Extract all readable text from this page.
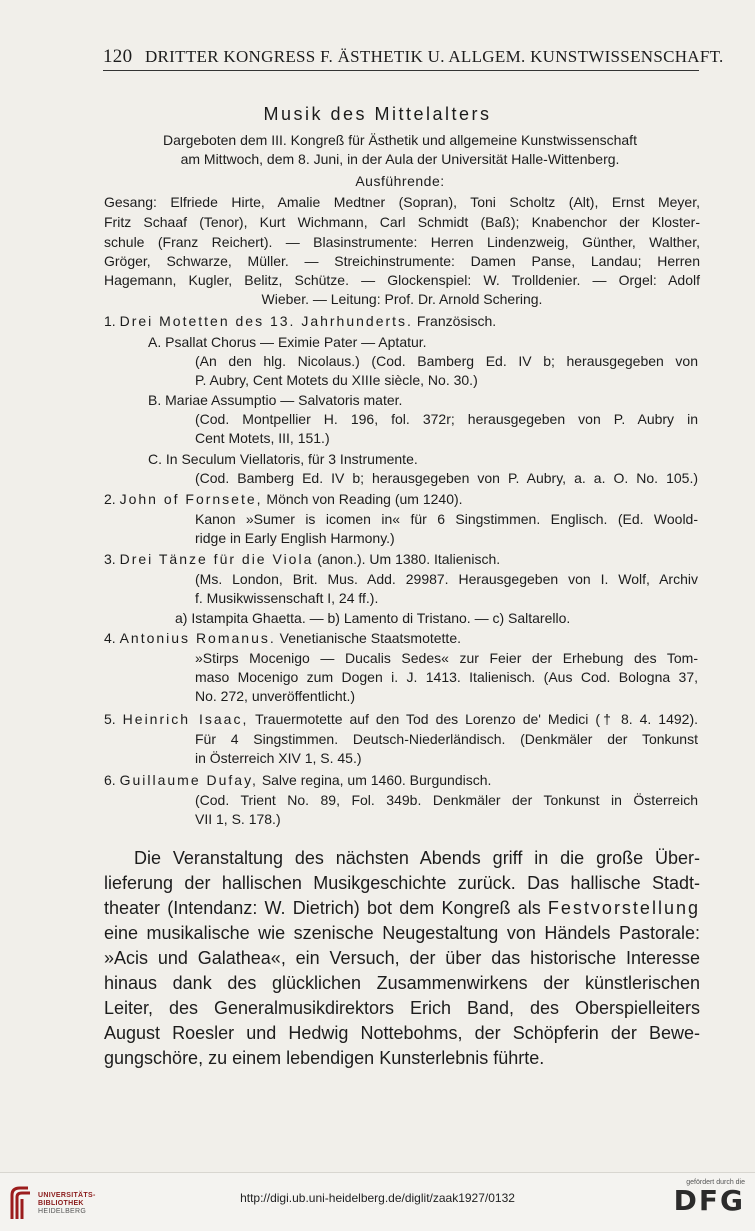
120 DRITTER KONGRESS F. ÄSTHETIK U. ALLGEM. KUNSTWISSENSCHAFT.
Musik des Mittelalters
Dargeboten dem III. Kongreß für Ästhetik und allgemeine Kunstwissenschaft
am Mittwoch, dem 8. Juni, in der Aula der Universität Halle-Wittenberg.
Ausführende:
Gesang: Elfriede Hirte, Amalie Medtner (Sopran), Toni Scholtz (Alt), Ernst Meyer,
Fritz Schaaf (Tenor), Kurt Wichmann, Carl Schmidt (Baß); Knabenchor der Kloster-
schule (Franz Reichert). — Blasinstrumente: Herren Lindenzweig, Günther, Walther,
Gröger, Schwarze, Müller. — Streichinstrumente: Damen Panse, Landau; Herren
Hagemann, Kugler, Belitz, Schütze. — Glockenspiel: W. Trolldenier. — Orgel: Adolf
Wieber. — Leitung: Prof. Dr. Arnold Schering.
1. Drei Motetten des 13. Jahrhunderts. Französisch.
A. Psallat Chorus — Eximie Pater — Aptatur.
(An den hlg. Nicolaus.) (Cod. Bamberg Ed. IV b; herausgegeben von
P. Aubry, Cent Motets du XIIIe siècle, No. 30.)
B. Mariae Assumptio — Salvatoris mater.
(Cod. Montpellier H. 196, fol. 372r; herausgegeben von P. Aubry in
Cent Motets, III, 151.)
C. In Seculum Viellatoris, für 3 Instrumente.
(Cod. Bamberg Ed. IV b; herausgegeben von P. Aubry, a. a. O. No. 105.)
2. John of Fornsete, Mönch von Reading (um 1240).
Kanon »Sumer is icomen in« für 6 Singstimmen. Englisch. (Ed. Woold-
ridge in Early English Harmony.)
3. Drei Tänze für die Viola (anon.). Um 1380. Italienisch.
(Ms. London, Brit. Mus. Add. 29987. Herausgegeben von I. Wolf, Archiv
f. Musikwissenschaft I, 24 ff.).
a) Istampita Ghaetta. — b) Lamento di Tristano. — c) Saltarello.
4. Antonius Romanus. Venetianische Staatsmotette.
»Stirps Mocenigo — Ducalis Sedes« zur Feier der Erhebung des Tom-
maso Mocenigo zum Dogen i. J. 1413. Italienisch. (Aus Cod. Bologna 37,
No. 272, unveröffentlicht.)
5. Heinrich Isaac, Trauermotette auf den Tod des Lorenzo de' Medici († 8. 4. 1492).
Für 4 Singstimmen. Deutsch-Niederländisch. (Denkmäler der Tonkunst
in Österreich XIV 1, S. 45.)
6. Guillaume Dufay, Salve regina, um 1460. Burgundisch.
(Cod. Trient No. 89, Fol. 349b. Denkmäler der Tonkunst in Österreich
VII 1, S. 178.)
Die Veranstaltung des nächsten Abends griff in die große Über-
lieferung der hallischen Musikgeschichte zurück. Das hallische Stadt-
theater (Intendanz: W. Dietrich) bot dem Kongreß als Festvorstellung
eine musikalische wie szenische Neugestaltung von Händels Pastorale:
»Acis und Galathea«, ein Versuch, der über das historische Interesse
hinaus dank des glücklichen Zusammenwirkens der künstlerischen
Leiter, des Generalmusikdirektors Erich Band, des Oberspielleiters
August Roesler und Hedwig Nottebohms, der Schöpferin der Bewe-
gungschöre, zu einem lebendigen Kunsterlebnis führte.
UNIVERSITÄTS-
BIBLIOTHEK
HEIDELBERG
http://digi.ub.uni-heidelberg.de/diglit/zaak1927/0132
gefördert durch die
DFG
